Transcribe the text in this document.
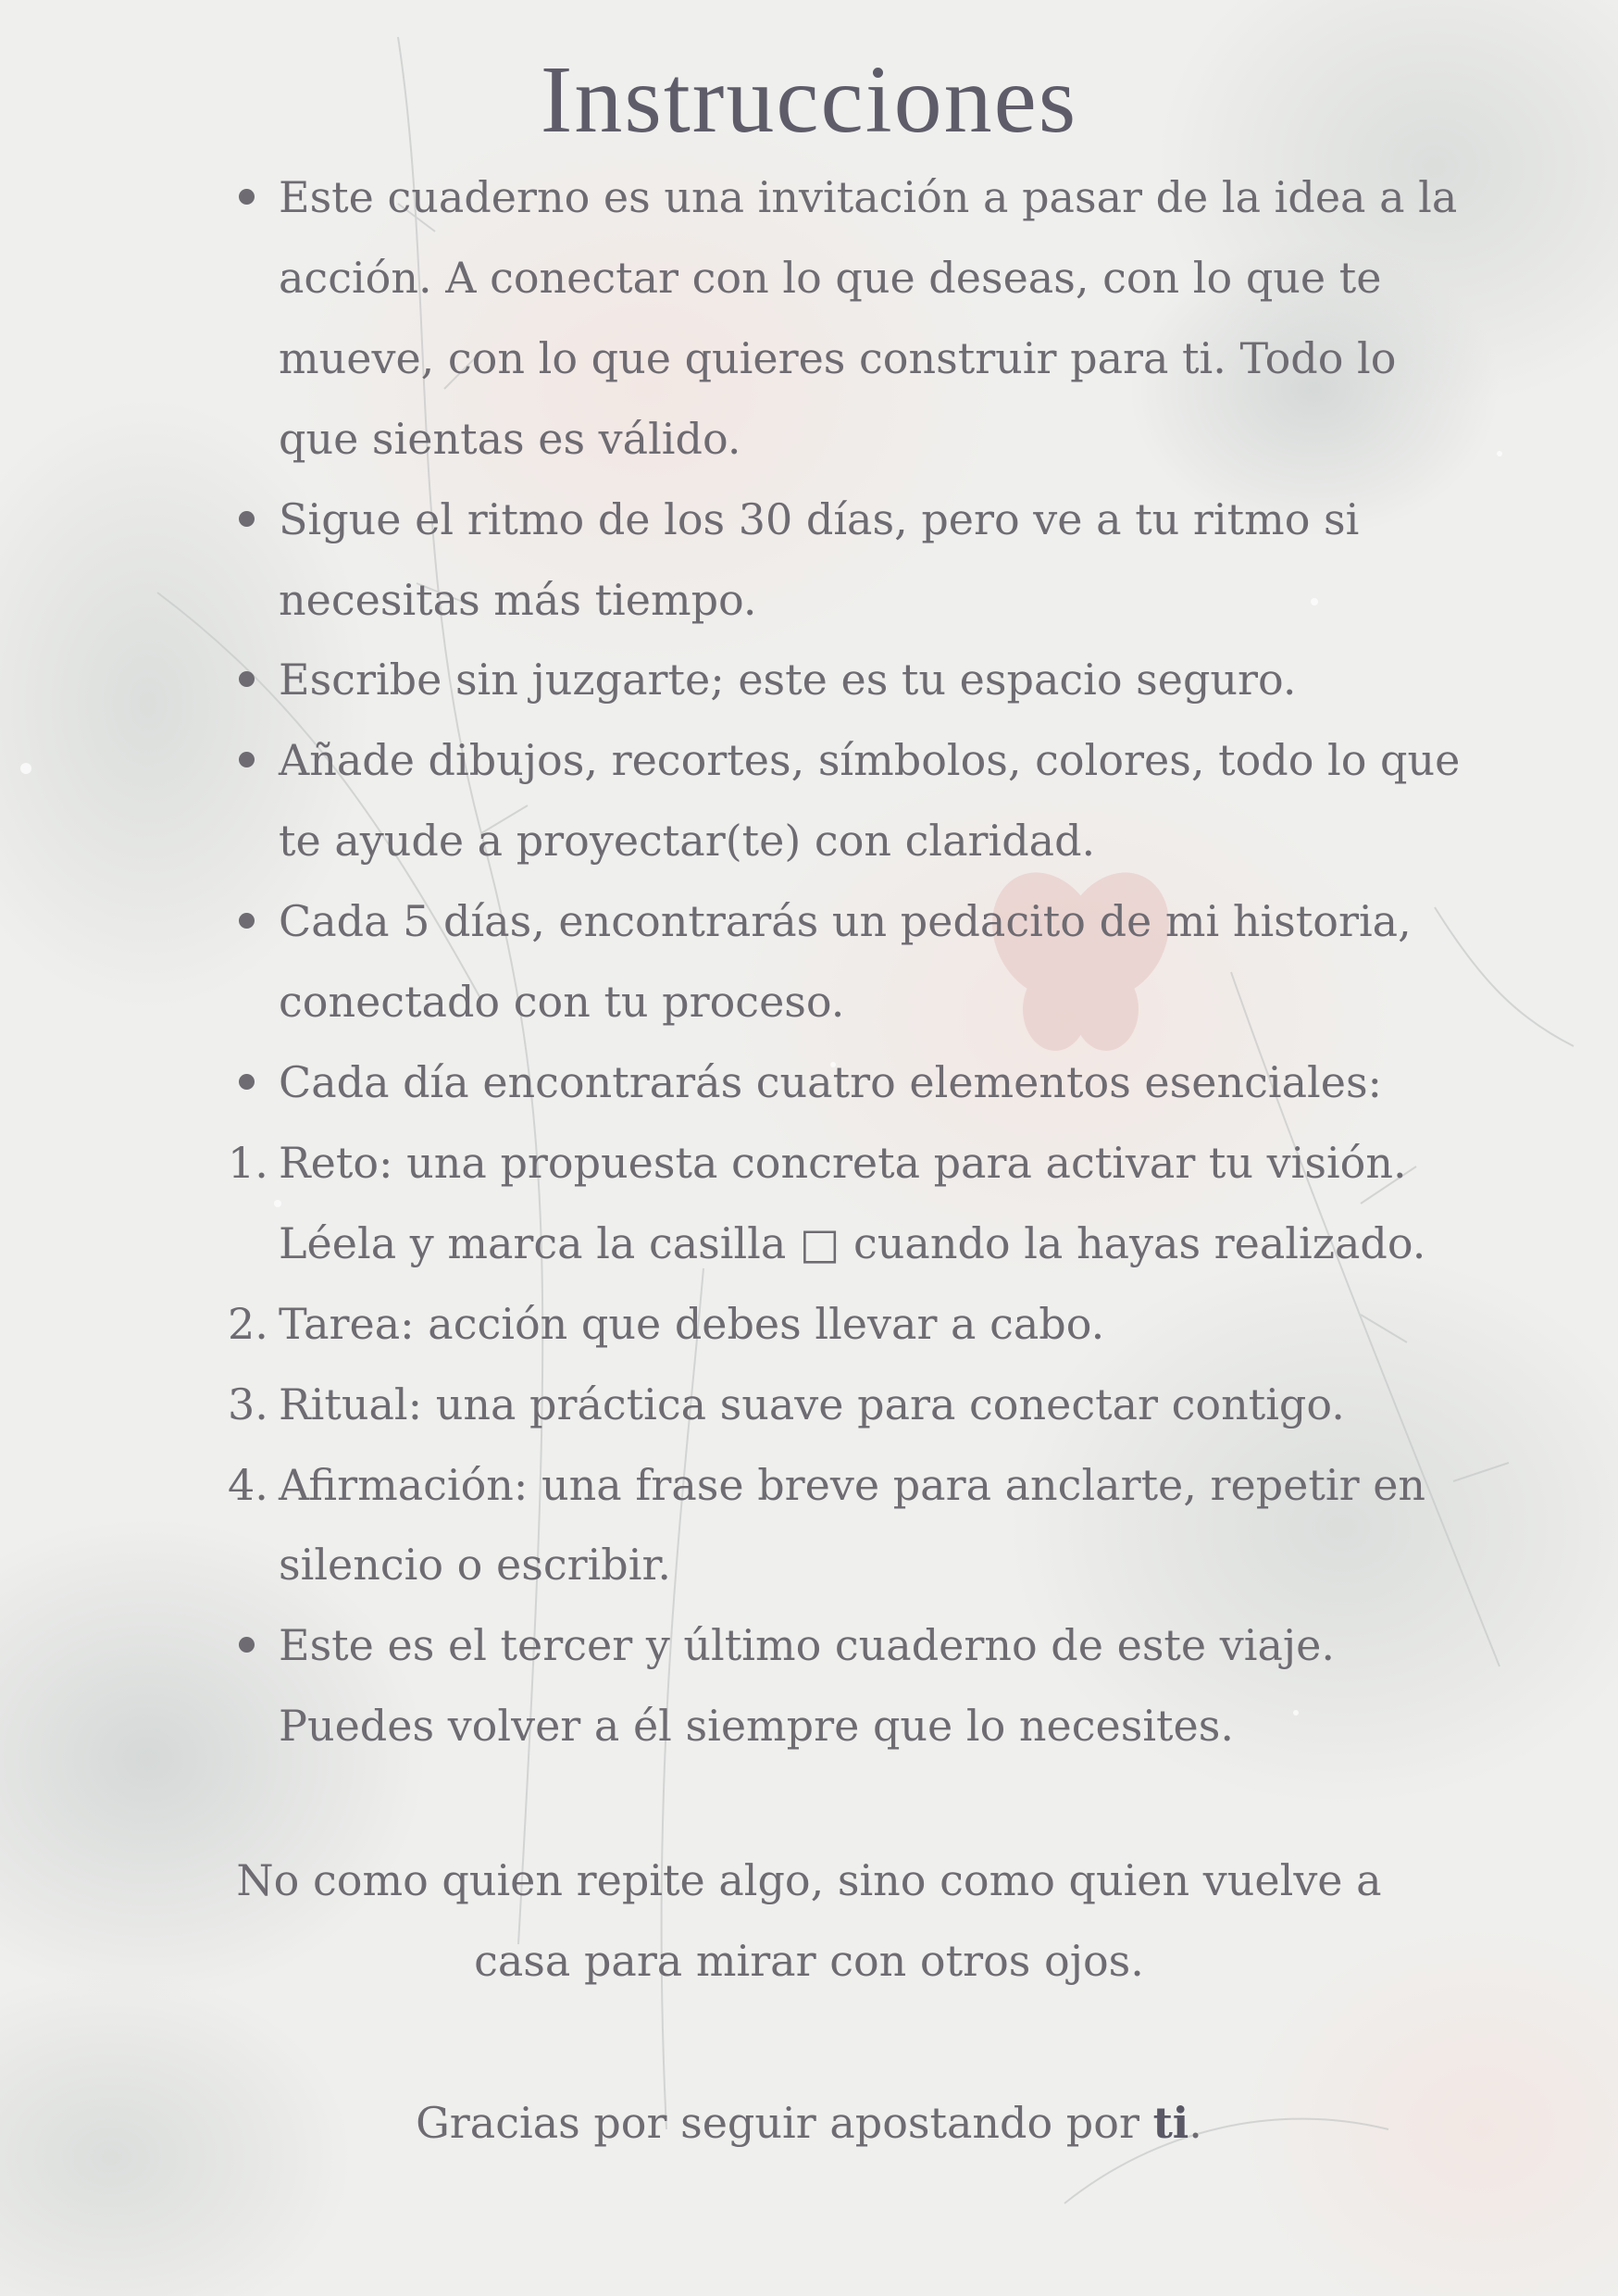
Instrucciones
Este cuaderno es una invitación a pasar de la idea a la acción. A conectar con lo que deseas, con lo que te mueve, con lo que quieres construir para ti. Todo lo que sientas es válido.
Sigue el ritmo de los 30 días, pero ve a tu ritmo si necesitas más tiempo.
Escribe sin juzgarte; este es tu espacio seguro.
Añade dibujos, recortes, símbolos, colores, todo lo que te ayude a proyectar(te) con claridad.
Cada 5 días, encontrarás un pedacito de mi historia, conectado con tu proceso.
Cada día encontrarás cuatro elementos esenciales:
1. Reto: una propuesta concreta para activar tu visión. Léela y marca la casilla □ cuando la hayas realizado.
2. Tarea: acción que debes llevar a cabo.
3. Ritual: una práctica suave para conectar contigo.
4. Afirmación: una frase breve para anclarte, repetir en silencio o escribir.
Este es el tercer y último cuaderno de este viaje. Puedes volver a él siempre que lo necesites.
No como quien repite algo, sino como quien vuelve a
casa para mirar con otros ojos.
Gracias por seguir apostando por ti.
